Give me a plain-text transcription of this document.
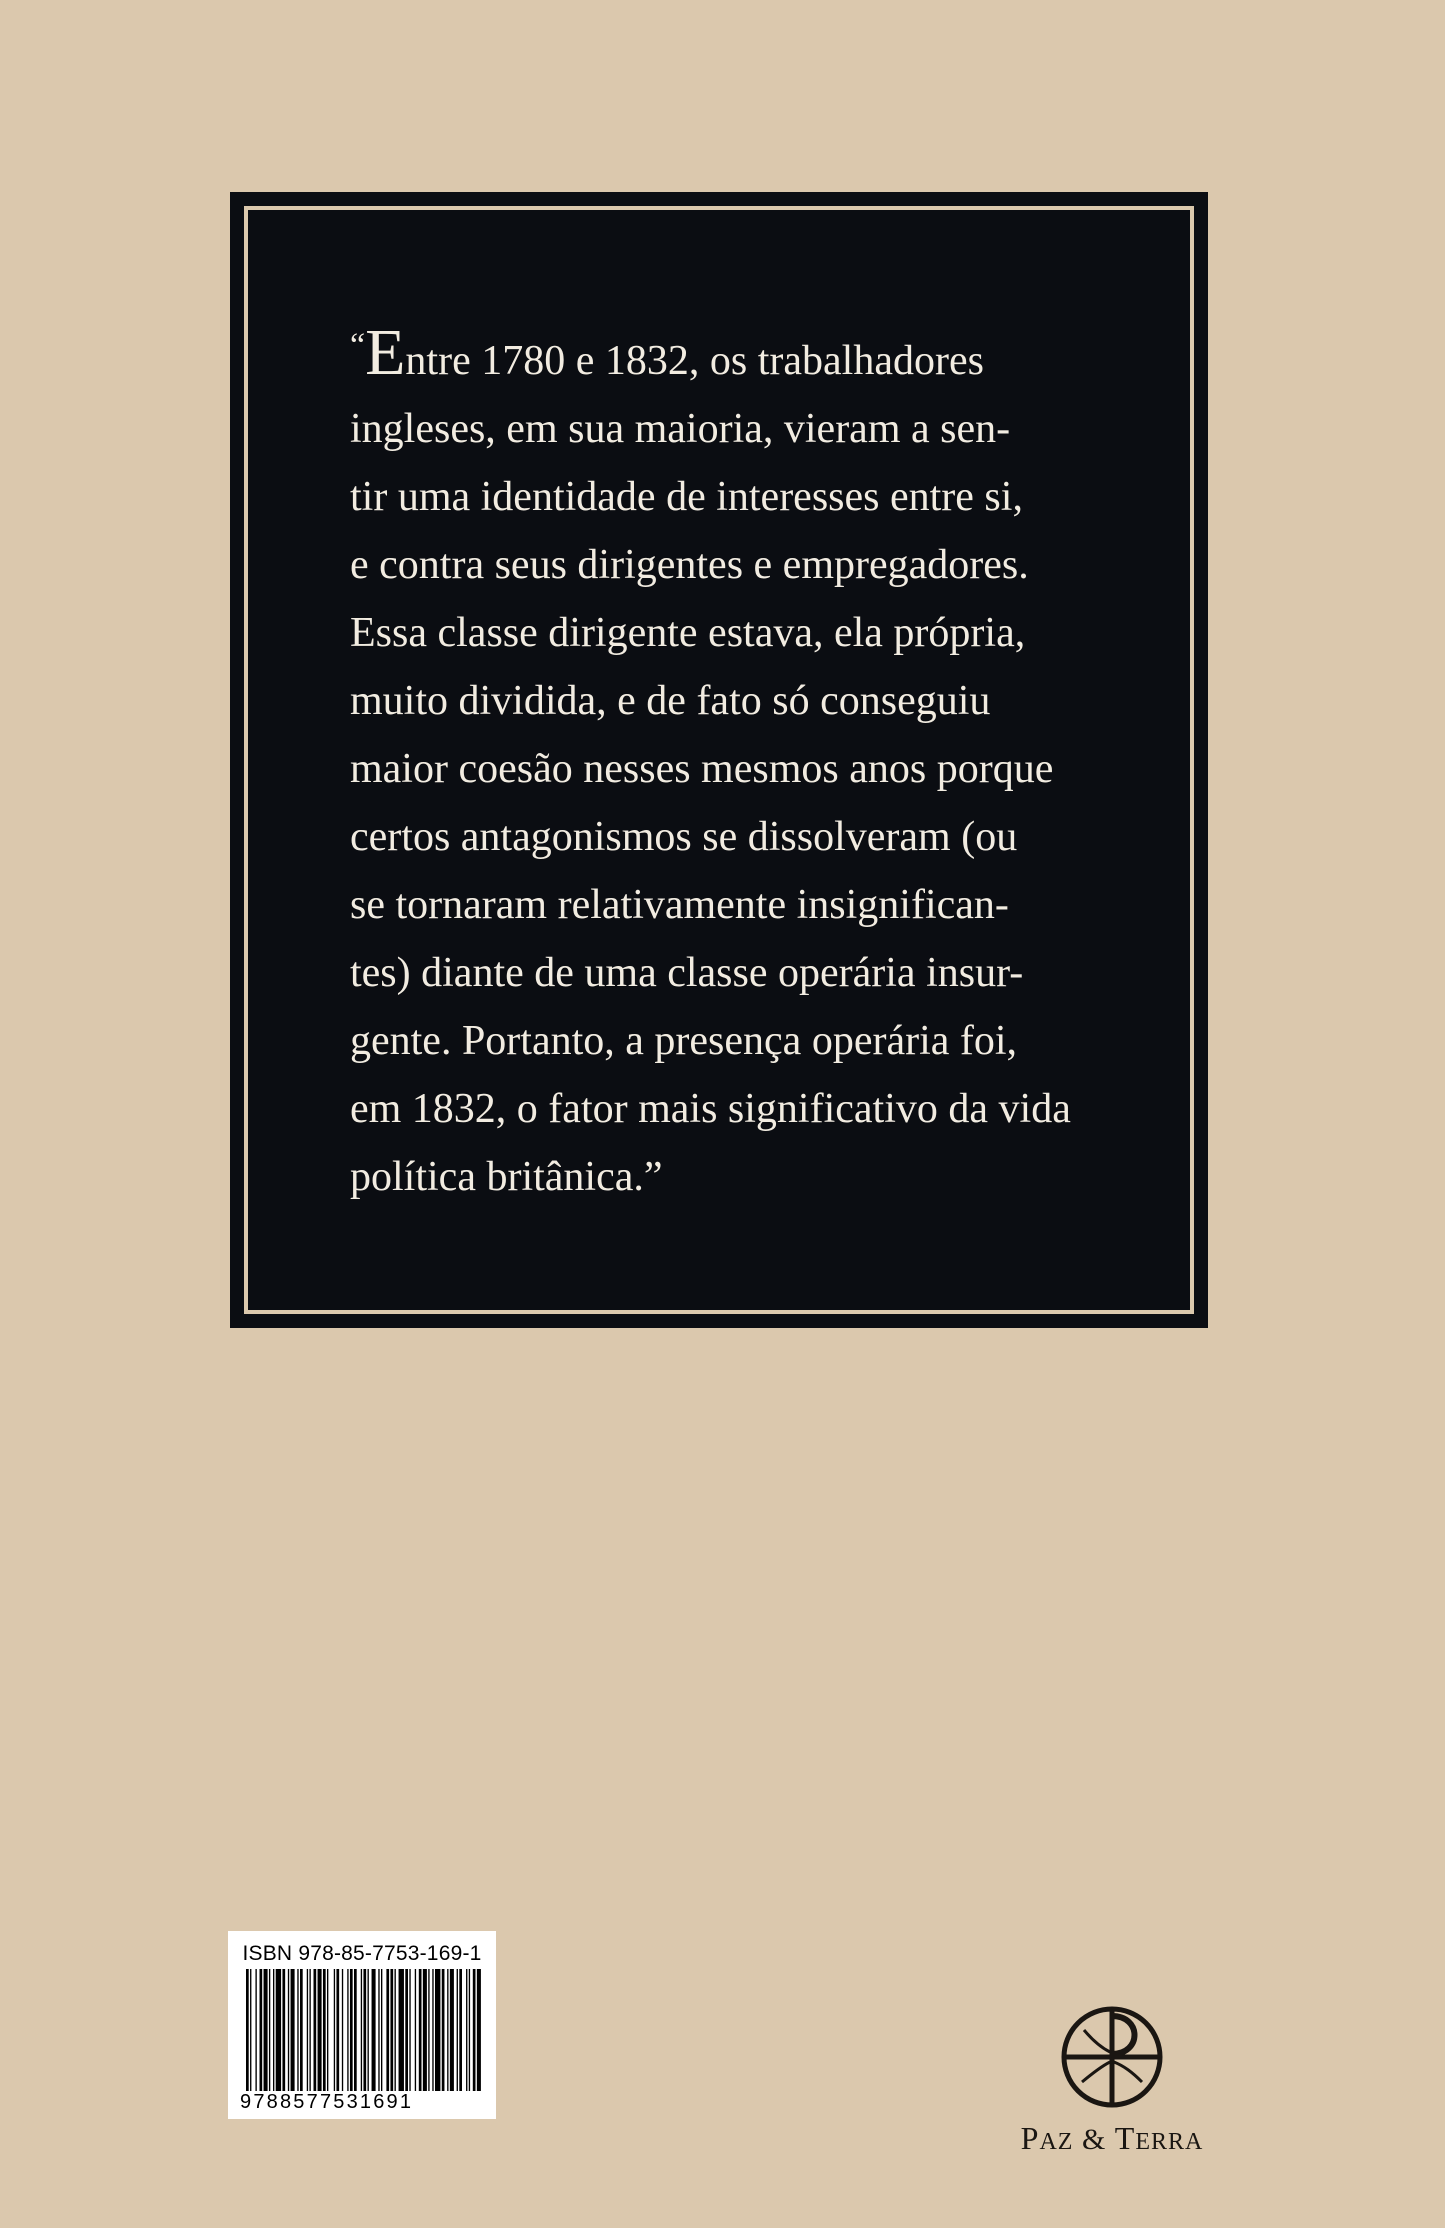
“Entre 1780 e 1832, os trabalhadores
ingleses, em sua maioria, vieram a sen-
tir uma identidade de interesses entre si,
e contra seus dirigentes e empregadores.
Essa classe dirigente estava, ela própria,
muito dividida, e de fato só conseguiu
maior coesão nesses mesmos anos porque
certos antagonismos se dissolveram (ou
se tornaram relativamente insignifican-
tes) diante de uma classe operária insur-
gente. Portanto, a presença operária foi,
em 1832, o fator mais significativo da vida
política britânica.”

ISBN 978-85-7753-169-1
9788577531691
PAZ & TERRA
